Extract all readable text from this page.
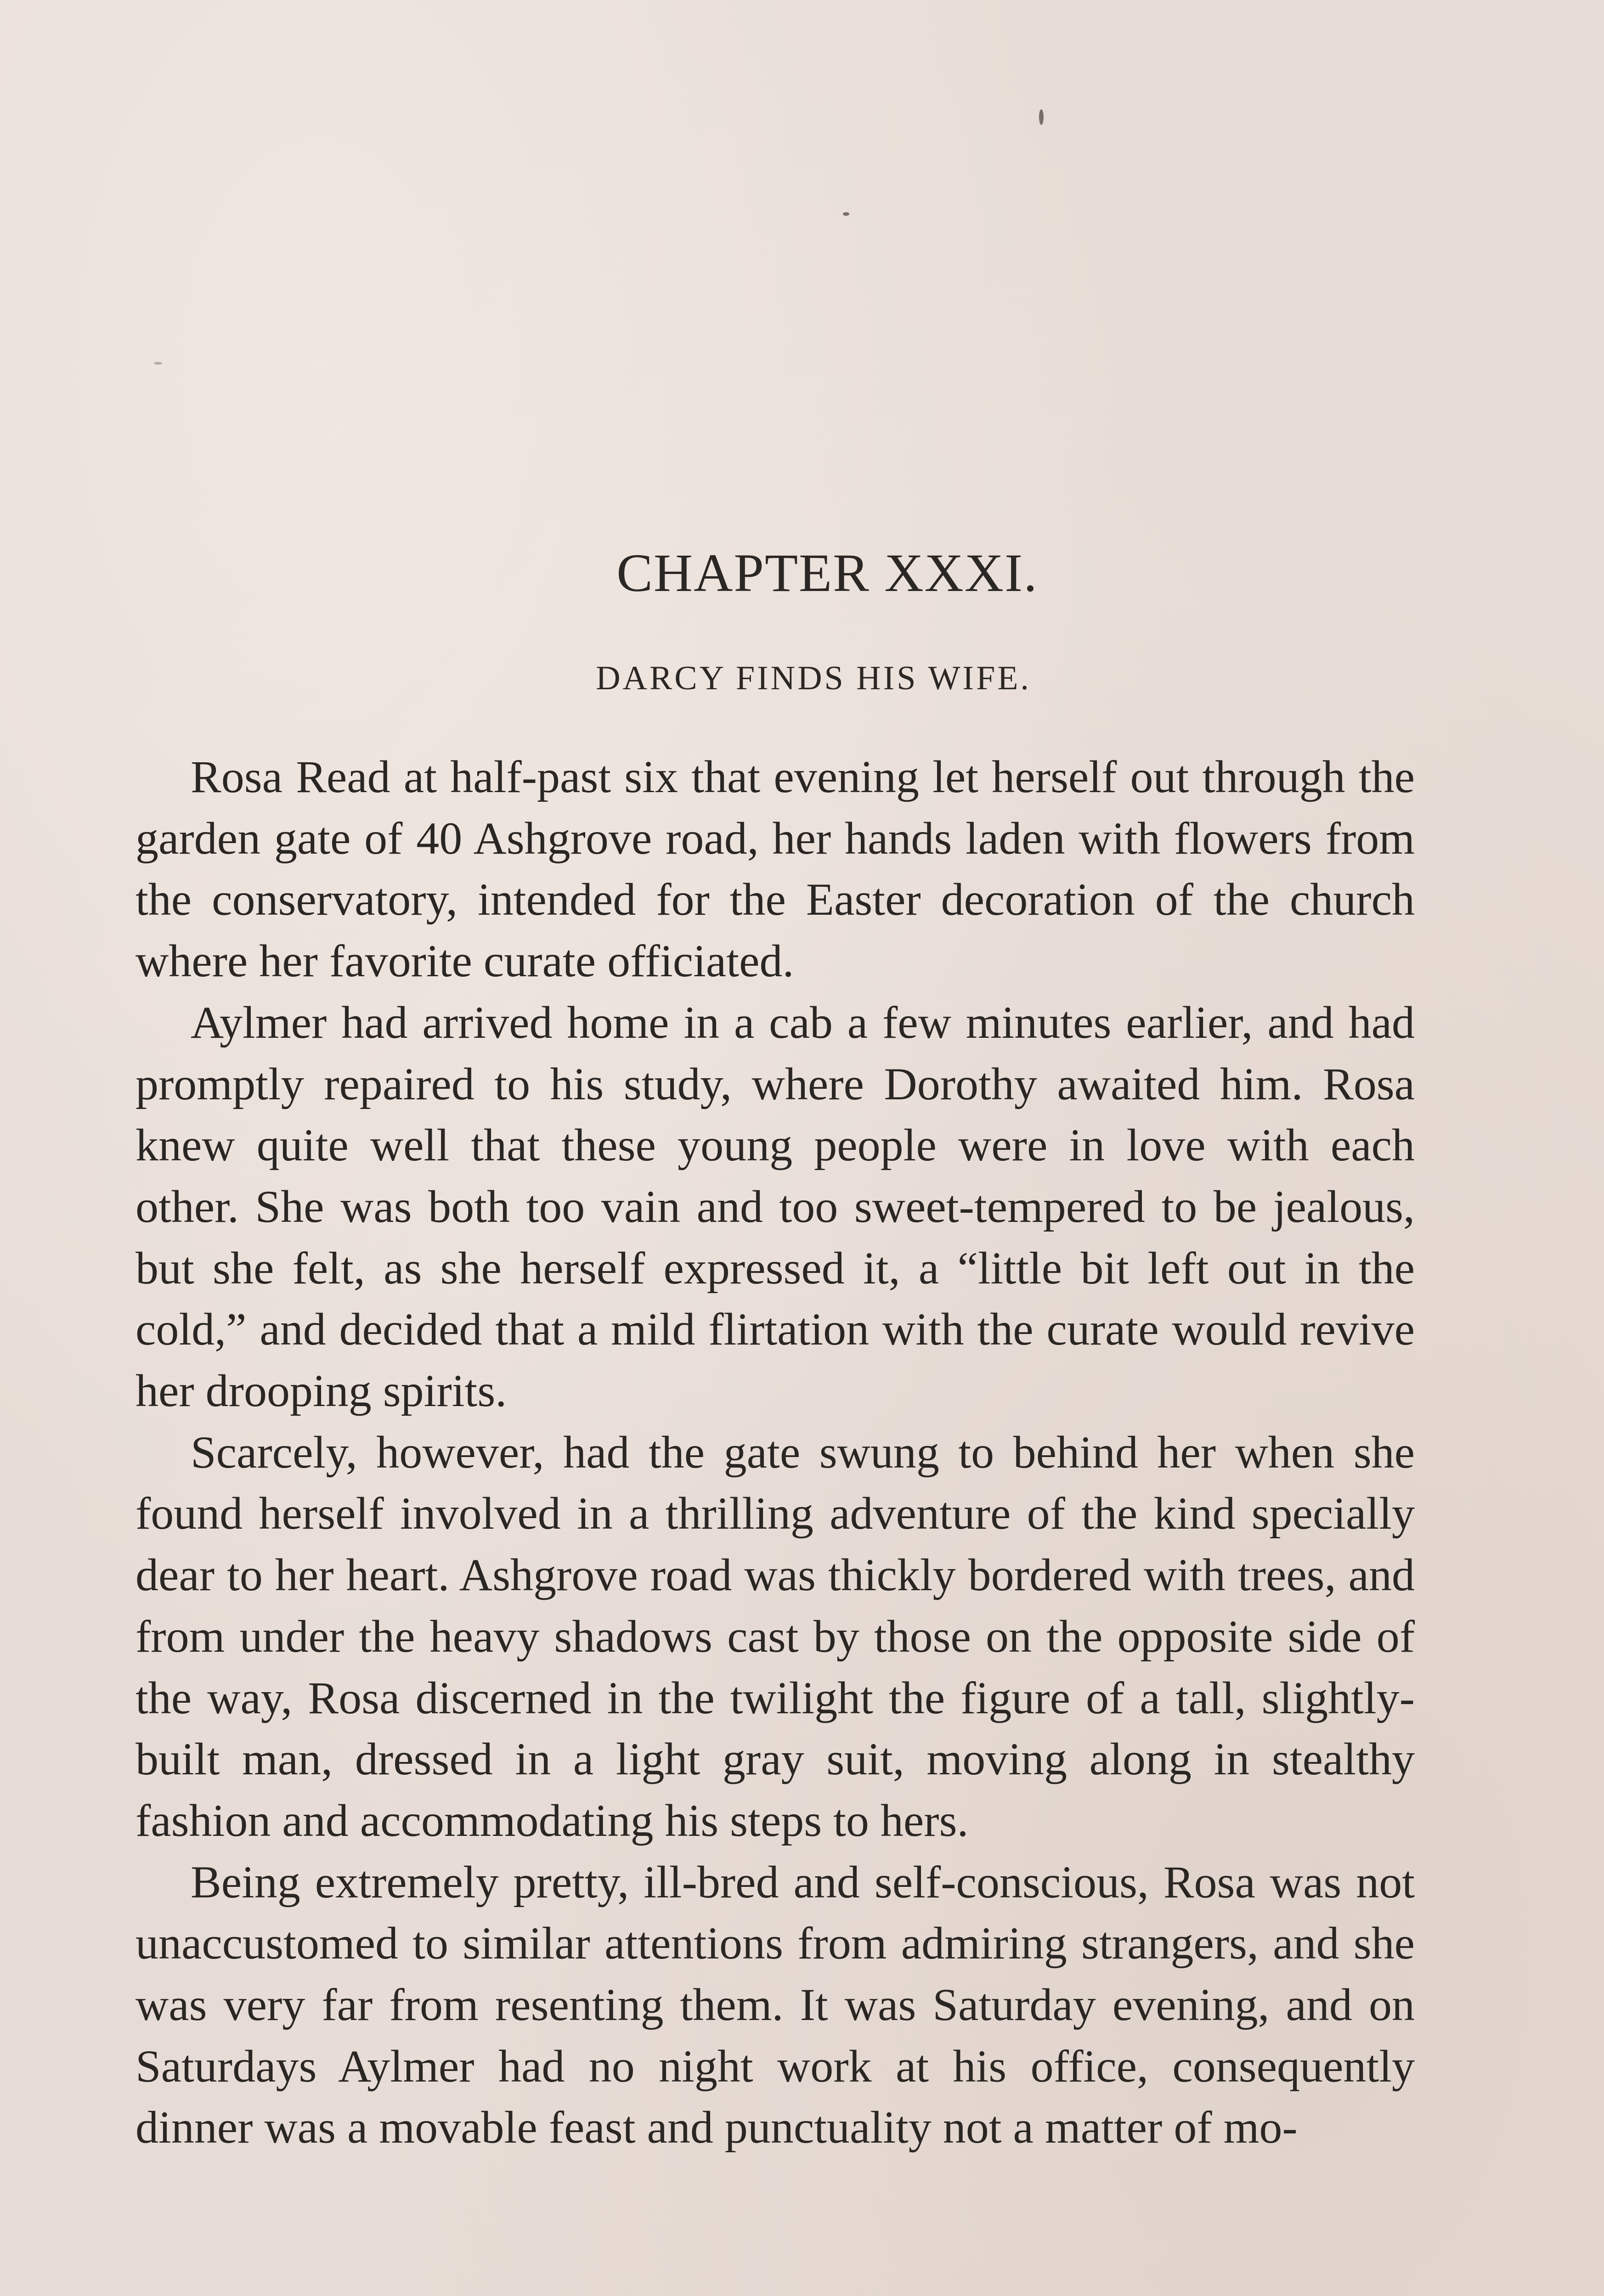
CHAPTER XXXI.
DARCY FINDS HIS WIFE.

Rosa Read at half-past six that evening let herself out through the garden gate of 40 Ashgrove road, her hands laden with flowers from the conservatory, intended for the Easter decoration of the church where her favorite curate officiated.

Aylmer had arrived home in a cab a few minutes earlier, and had promptly repaired to his study, where Dorothy awaited him. Rosa knew quite well that these young people were in love with each other. She was both too vain and too sweet-tempered to be jealous, but she felt, as she herself expressed it, a “little bit left out in the cold,” and decided that a mild flirtation with the curate would revive her drooping spirits.

Scarcely, however, had the gate swung to behind her when she found herself involved in a thrilling adventure of the kind specially dear to her heart. Ashgrove road was thickly bordered with trees, and from under the heavy shadows cast by those on the opposite side of the way, Rosa discerned in the twilight the figure of a tall, slightly-built man, dressed in a light gray suit, moving along in stealthy fashion and accommodating his steps to hers.

Being extremely pretty, ill-bred and self-conscious, Rosa was not unaccustomed to similar attentions from admiring strangers, and she was very far from resenting them. It was Saturday evening, and on Saturdays Aylmer had no night work at his office, consequently dinner was a movable feast and punctuality not a matter of mo-
